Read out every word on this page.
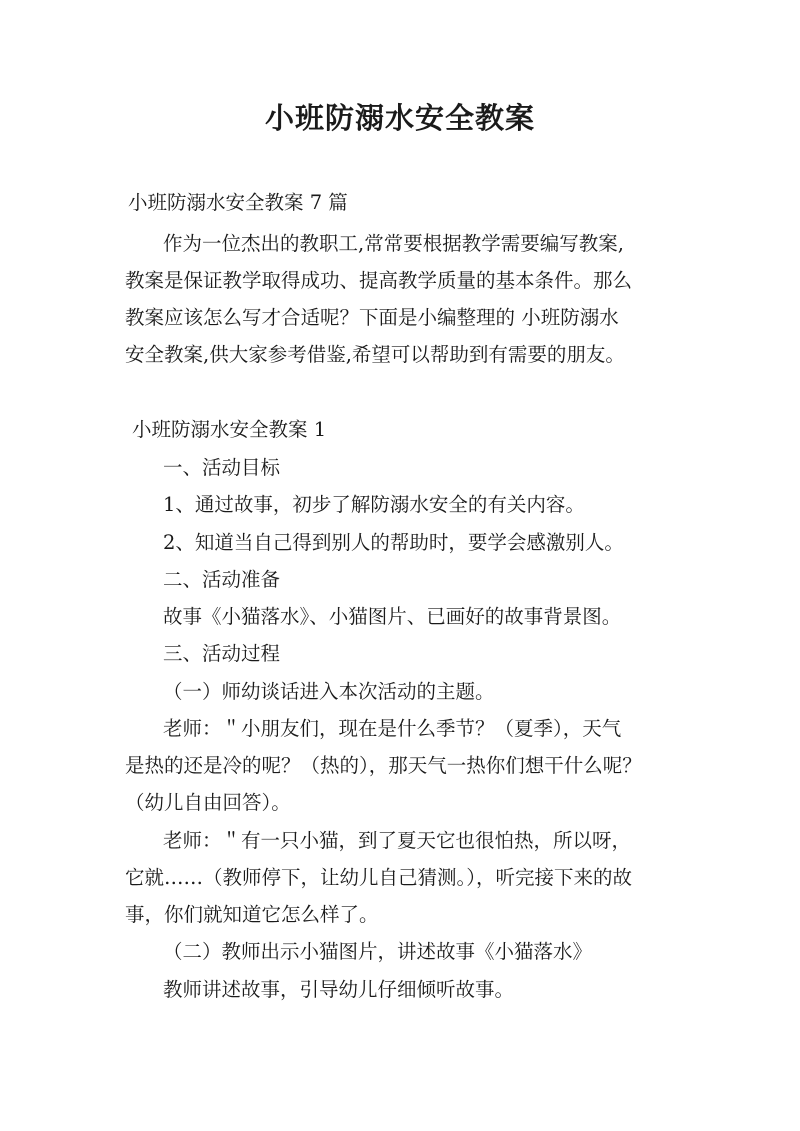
小班防溺水安全教案
小班防溺水安全教案 7 篇
作为一位杰出的教职工,常常要根据教学需要编写教案,
教案是保证教学取得成功、提高教学质量的基本条件。那么
教案应该怎么写才合适呢？下面是小编整理的 小班防溺水
安全教案,供大家参考借鉴,希望可以帮助到有需要的朋友。
小班防溺水安全教案 1
一、活动目标
1、通过故事，初步了解防溺水安全的有关内容。
2、知道当自己得到别人的帮助时，要学会感激别人。
二、活动准备
故事《小猫落水》、小猫图片、已画好的故事背景图。
三、活动过程
（一）师幼谈话进入本次活动的主题。
老师：＂小朋友们，现在是什么季节？（夏季），天气
是热的还是冷的呢？（热的），那天气一热你们想干什么呢？
（幼儿自由回答）。
老师：＂有一只小猫，到了夏天它也很怕热，所以呀，
它就……（教师停下，让幼儿自己猜测。），听完接下来的故
事，你们就知道它怎么样了。
（二）教师出示小猫图片，讲述故事《小猫落水》
教师讲述故事，引导幼儿仔细倾听故事。
